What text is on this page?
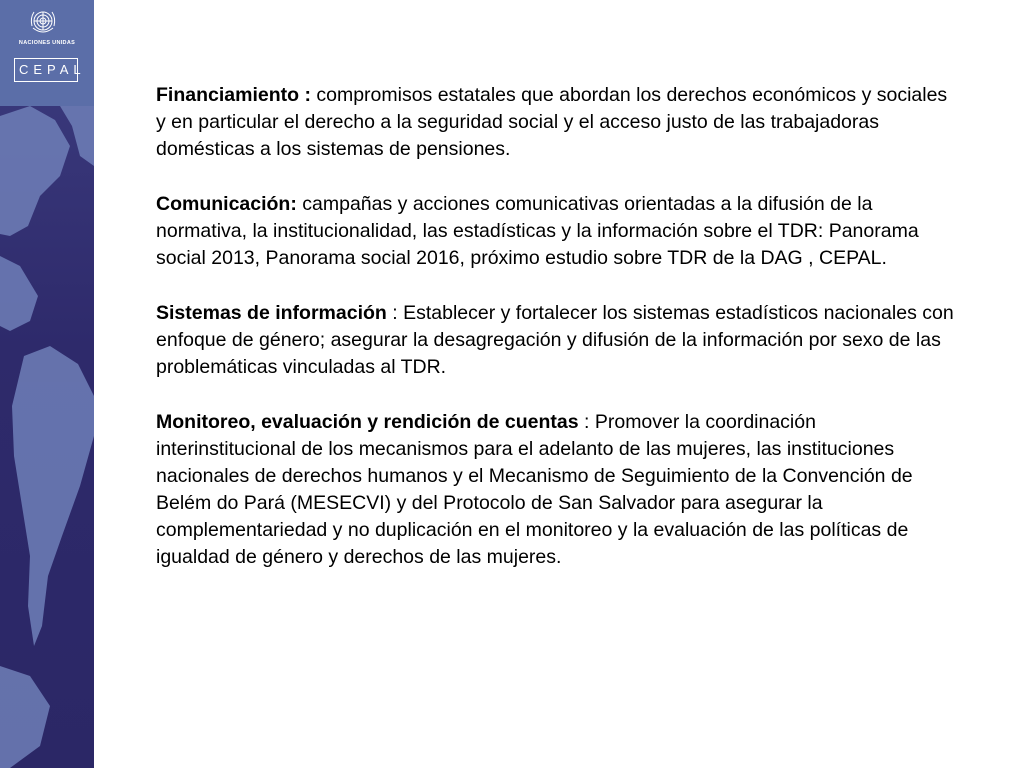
NACIONES UNIDAS
CEPAL

Financiamiento : compromisos estatales que abordan los derechos económicos y sociales y en particular el derecho a la seguridad social y el acceso justo de las trabajadoras domésticas a los sistemas de pensiones.

Comunicación: campañas y acciones comunicativas orientadas a la difusión de la normativa, la institucionalidad, las estadísticas y la información sobre el TDR: Panorama social 2013, Panorama social 2016, próximo estudio sobre TDR de la DAG , CEPAL.

Sistemas de información : Establecer y fortalecer los sistemas estadísticos nacionales con enfoque de género; asegurar la desagregación y difusión de la información por sexo de las problemáticas vinculadas al TDR.

Monitoreo, evaluación y rendición de cuentas : Promover la coordinación interinstitucional de los mecanismos para el adelanto de las mujeres, las instituciones nacionales de derechos humanos y el Mecanismo de Seguimiento de la Convención de Belém do Pará (MESECVI) y del Protocolo de San Salvador para asegurar la complementariedad y no duplicación en el monitoreo y la evaluación de las políticas de igualdad de género y derechos de las mujeres.
